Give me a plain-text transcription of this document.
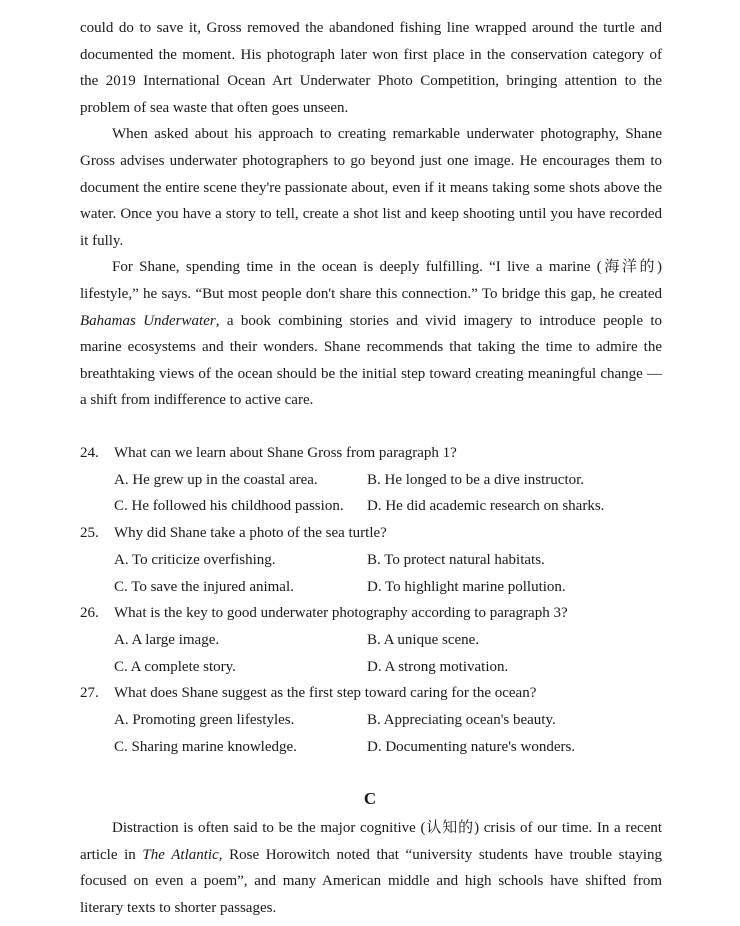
could do to save it, Gross removed the abandoned fishing line wrapped around the turtle and documented the moment. His photograph later won first place in the conservation category of the 2019 International Ocean Art Underwater Photo Competition, bringing attention to the problem of sea waste that often goes unseen.

When asked about his approach to creating remarkable underwater photography, Shane Gross advises underwater photographers to go beyond just one image. He encourages them to document the entire scene they're passionate about, even if it means taking some shots above the water. Once you have a story to tell, create a shot list and keep shooting until you have recorded it fully.

For Shane, spending time in the ocean is deeply fulfilling. “I live a marine (海洋的) lifestyle,” he says. “But most people don't share this connection.” To bridge this gap, he created Bahamas Underwater, a book combining stories and vivid imagery to introduce people to marine ecosystems and their wonders. Shane recommends that taking the time to admire the breathtaking views of the ocean should be the initial step toward creating meaningful change — a shift from indifference to active care.

24. What can we learn about Shane Gross from paragraph 1?
A. He grew up in the coastal area.	B. He longed to be a dive instructor.
C. He followed his childhood passion. D. He did academic research on sharks.
25. Why did Shane take a photo of the sea turtle?
A. To criticize overfishing.	B. To protect natural habitats.
C. To save the injured animal.	D. To highlight marine pollution.
26. What is the key to good underwater photography according to paragraph 3?
A. A large image.	B. A unique scene.
C. A complete story.	D. A strong motivation.
27. What does Shane suggest as the first step toward caring for the ocean?
A. Promoting green lifestyles.	B. Appreciating ocean's beauty.
C. Sharing marine knowledge.	D. Documenting nature's wonders.
C

Distraction is often said to be the major cognitive (认知的) crisis of our time. In a recent article in The Atlantic, Rose Horowitch noted that “university students have trouble staying focused on even a poem”, and many American middle and high schools have shifted from literary texts to shorter passages.
